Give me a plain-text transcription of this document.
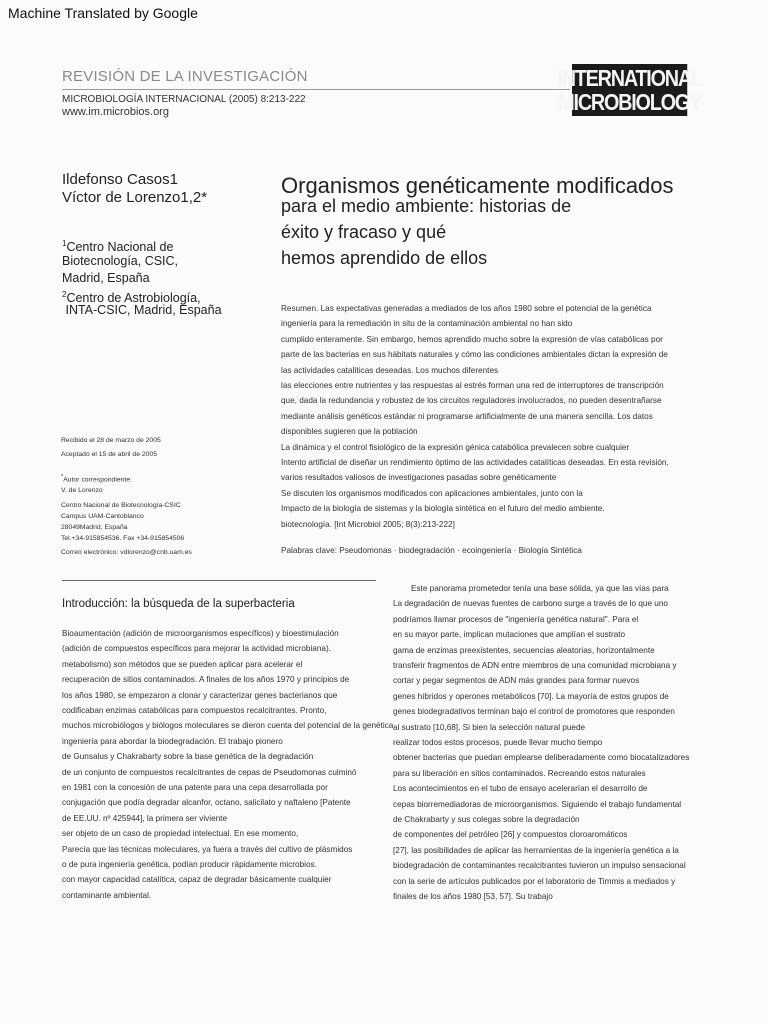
Machine Translated by Google
REVISIÓN DE LA INVESTIGACIÓN
MICROBIOLOGÍA INTERNACIONAL (2005) 8:213-222
www.im.microbios.org
INTERNATIONAL
MICROBIOLOGY
Ildefonso Casos1
Víctor de Lorenzo1,2*
$^1$Centro Nacional de
Biotecnología, CSIC,
Madrid, España
$^2$Centro de Astrobiología,
INTA-CSIC, Madrid, España
Organismos genéticamente modificados
para el medio ambiente: historias de
éxito y fracaso y qué
hemos aprendido de ellos
Resumen. Las expectativas generadas a mediados de los años 1980 sobre el potencial de la genética
ingeniería para la remediación in situ de la contaminación ambiental no han sido
cumplido enteramente. Sin embargo, hemos aprendido mucho sobre la expresión de vías catabólicas por
parte de las bacterias en sus hábitats naturales y cómo las condiciones ambientales dictan la expresión de
las actividades catalíticas deseadas. Los muchos diferentes
las elecciones entre nutrientes y las respuestas al estrés forman una red de interruptores de transcripción
que, dada la redundancia y robustez de los circuitos reguladores involucrados, no pueden desentrañarse
mediante análisis genéticos estándar ni programarse artificialmente de una manera sencilla. Los datos
disponibles sugieren que la población
La dinámica y el control fisiológico de la expresión génica catabólica prevalecen sobre cualquier
Intento artificial de diseñar un rendimiento óptimo de las actividades catalíticas deseadas. En esta revisión,
varios resultados valiosos de investigaciones pasadas sobre genéticamente
Se discuten los organismos modificados con aplicaciones ambientales, junto con la
Impacto de la biología de sistemas y la biología sintética en el futuro del medio ambiente.
biotecnología. [Int Microbiol 2005; 8(3):213-222]
Palabras clave: Pseudomonas · biodegradación · ecoingeniería · Biología Sintética
Recibido el 28 de marzo de 2005
Aceptado el 15 de abril de 2005
*Autor correspondiente:
V. de Lorenzo
Centro Nacional de Biotecnología-CSIC
Campus UAM-Cantoblanco
28049Madrid, España
Tel.+34-915854536. Fax +34-915854506
Correo electrónico: vdlorenzo@cnb.uam.es
Introducción: la búsqueda de la superbacteria
Bioaumentación (adición de microorganismos específicos) y bioestimulación
(adición de compuestos específicos para mejorar la actividad microbiana).
metabolismo) son métodos que se pueden aplicar para acelerar el
recuperación de sitios contaminados. A finales de los años 1970 y principios de
los años 1980, se empezaron a clonar y caracterizar genes bacterianos que
codificaban enzimas catabólicas para compuestos recalcitrantes. Pronto,
muchos microbiólogos y biólogos moleculares se dieron cuenta del potencial de la genética
ingeniería para abordar la biodegradación. El trabajo pionero
de Gunsalus y Chakrabarty sobre la base genética de la degradación
de un conjunto de compuestos recalcitrantes de cepas de Pseudomonas culminó
en 1981 con la concesión de una patente para una cepa desarrollada por
conjugación que podía degradar alcanfor, octano, salicilato y naftaleno [Patente
de EE.UU. nº 425944], la primera ser viviente
ser objeto de un caso de propiedad intelectual. En ese momento,
Parecía que las técnicas moleculares, ya fuera a través del cultivo de plásmidos
o de pura ingeniería genética, podían producir rápidamente microbios.
con mayor capacidad catalítica, capaz de degradar básicamente cualquier
contaminante ambiental.
Este panorama prometedor tenía una base sólida, ya que las vías para
La degradación de nuevas fuentes de carbono surge a través de lo que uno
podríamos llamar procesos de "ingeniería genética natural". Para el
en su mayor parte, implican mutaciones que amplían el sustrato
gama de enzimas preexistentes, secuencias aleatorias, horizontalmente
transferir fragmentos de ADN entre miembros de una comunidad microbiana y
cortar y pegar segmentos de ADN más grandes para formar nuevos
genes híbridos y operones metabólicos [70]. La mayoría de estos grupos de
genes biodegradativos terminan bajo el control de promotores que responden
al sustrato [10,68]. Si bien la selección natural puede
realizar todos estos procesos, puede llevar mucho tiempo
obtener bacterias que puedan emplearse deliberadamente como biocatalizadores
para su liberación en sitios contaminados. Recreando estos naturales
Los acontecimientos en el tubo de ensayo acelerarían el desarrollo de
cepas biorremediadoras de microorganismos. Siguiendo el trabajo fundamental
de Chakrabarty y sus colegas sobre la degradación
de componentes del petróleo [26] y compuestos cloroaromáticos
[27], las posibilidades de aplicar las herramientas de la ingeniería genética a la
biodegradación de contaminantes recalcitrantes tuvieron un impulso sensacional
con la serie de artículos publicados por el laboratorio de Timmis a mediados y
finales de los años 1980 [53, 57]. Su trabajo
